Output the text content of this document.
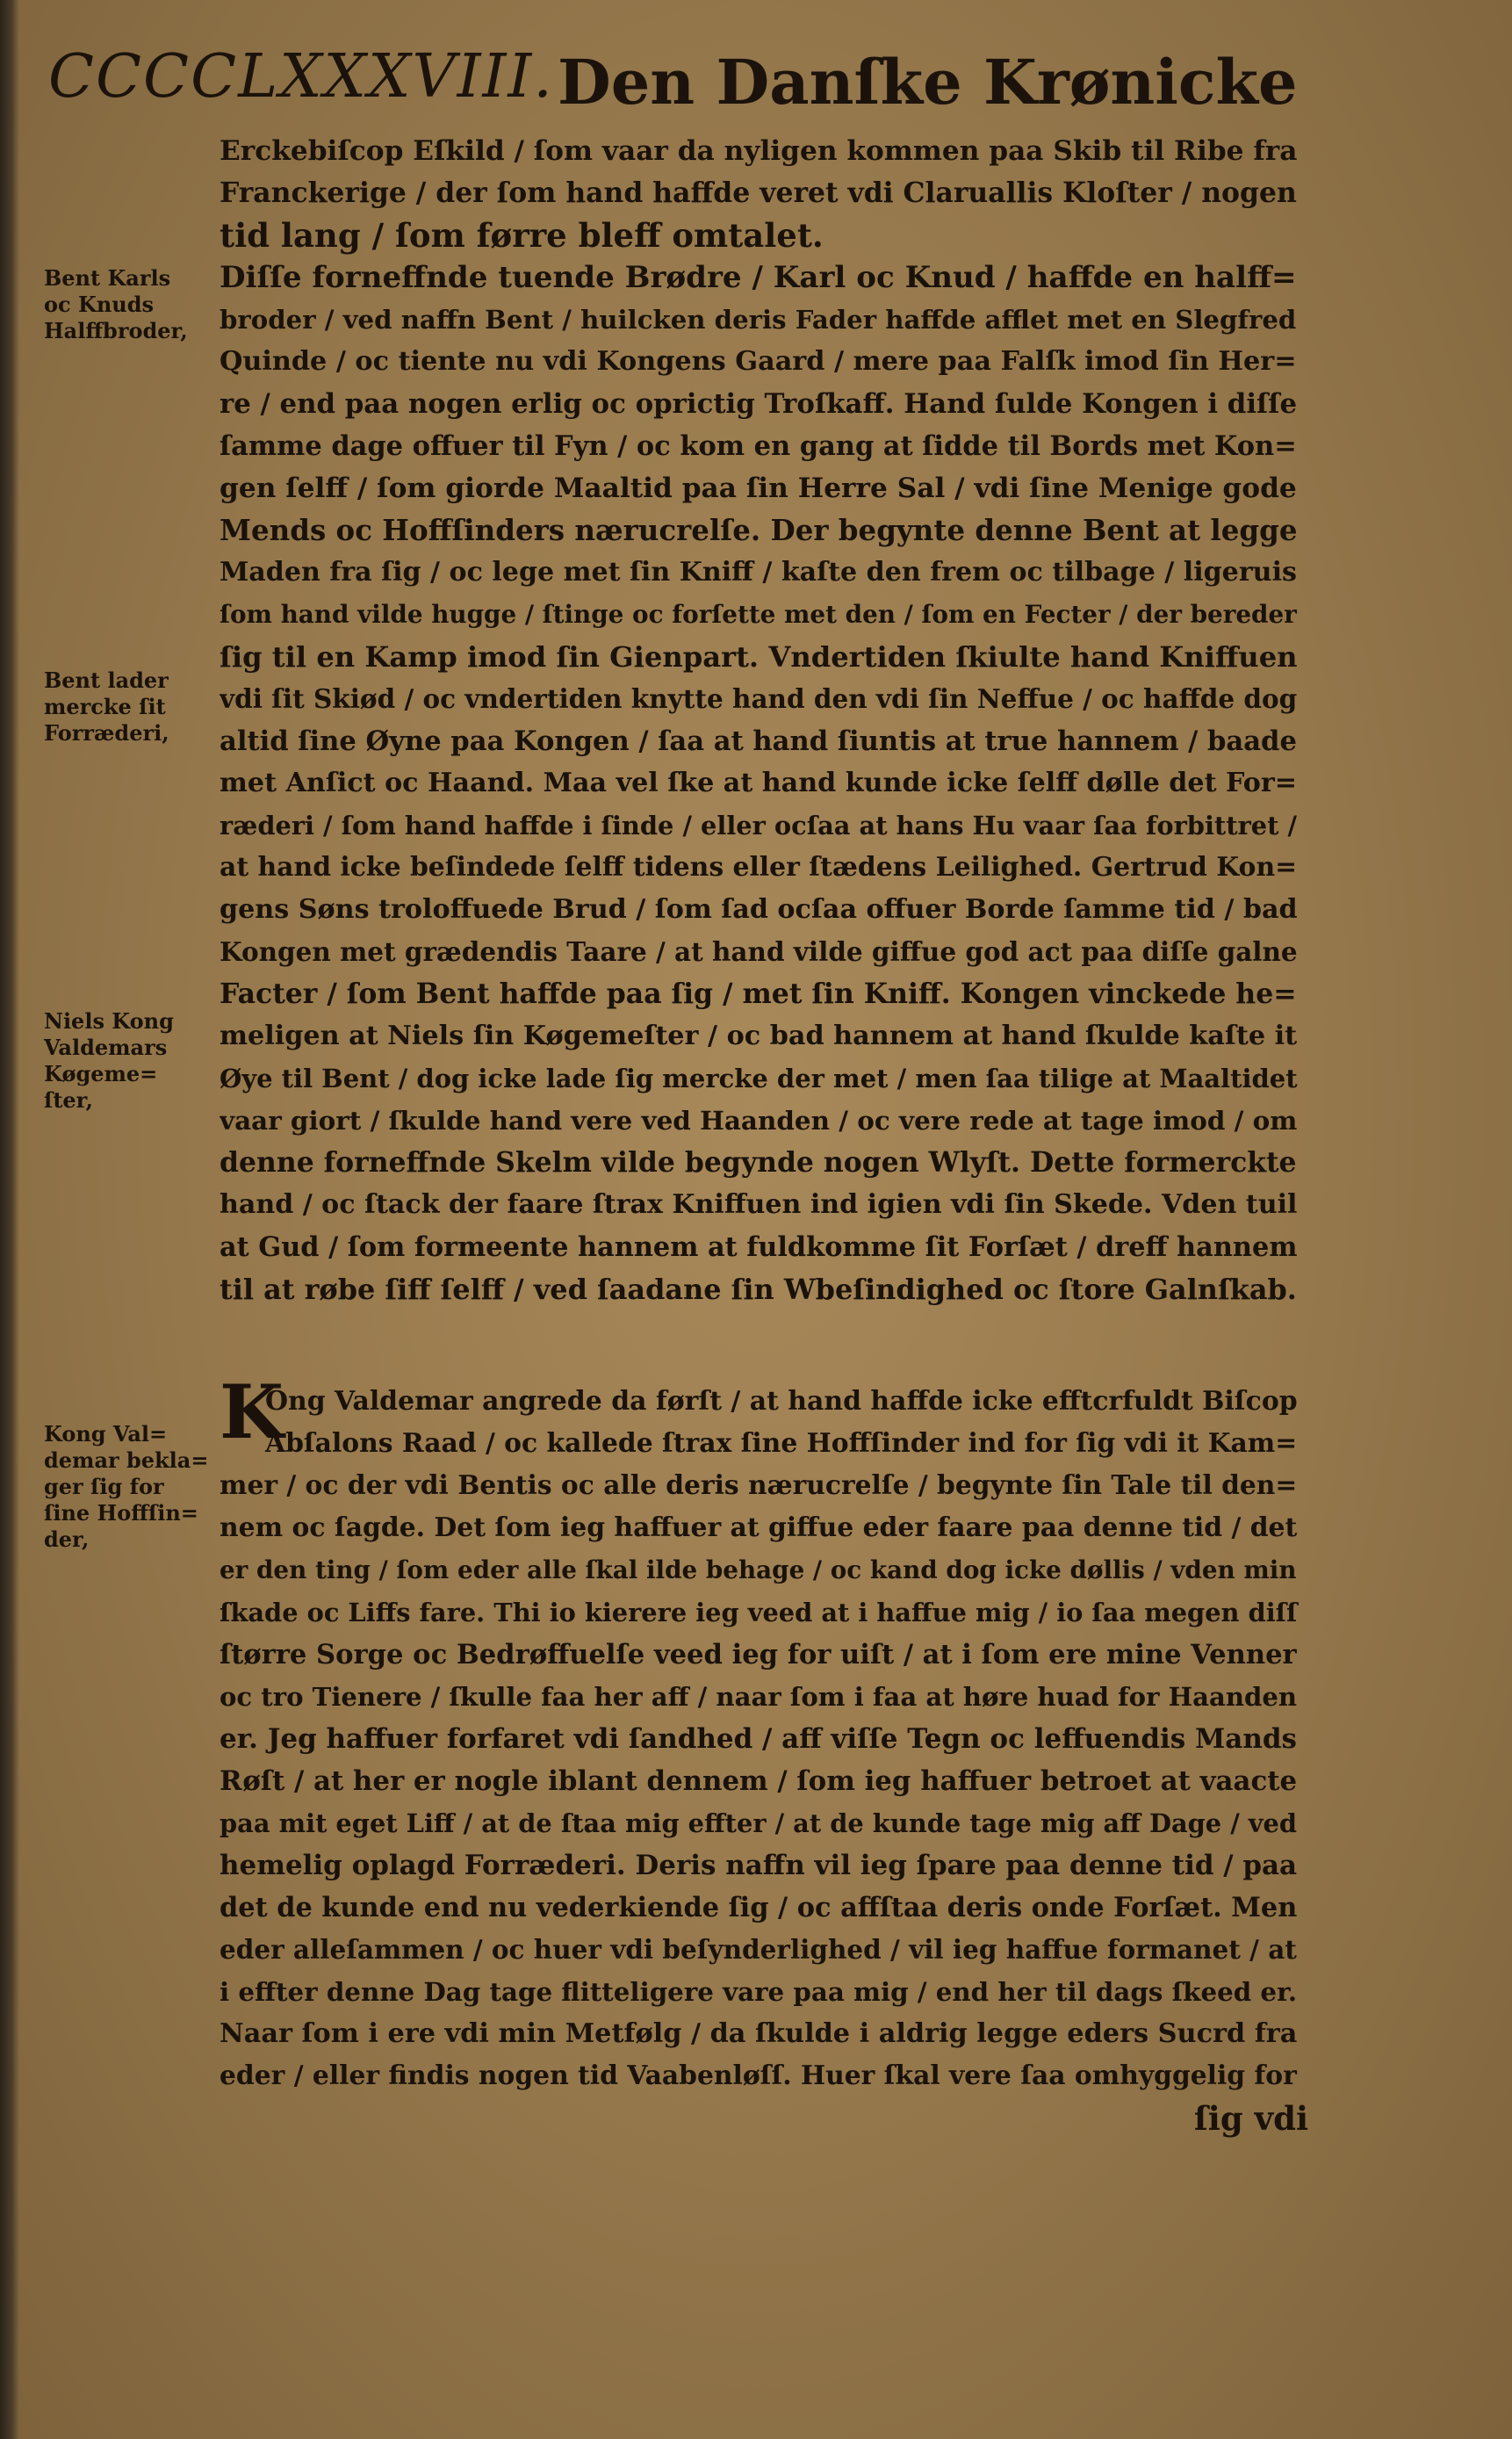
CCCCLXXXVIII. Den Danſke Krønicke
Bent Karls
oc Knuds
Halffbroder,
Bent lader
mercke ſit
Forræderi,
Niels Kong
Valdemars
Køgeme=
ſter,
Kong Val=
demar bekla=
ger ſig for
ſine Hoffſin=
der,
Erckebiſcop Eſkild / ſom vaar da nyligen kommen paa Skib til Ribe fra
Franckerige / der ſom hand haffde veret vdi Claruallis Kloſter / nogen
tid lang / ſom førre bleff omtalet.
Diſſe forneffnde tuende Brødre / Karl oc Knud / haffde en halff=
broder / ved naffn Bent / huilcken deris Fader haffde afflet met en Slegfred
Quinde / oc tiente nu vdi Kongens Gaard / mere paa Falſk imod ſin Her=
re / end paa nogen erlig oc oprictig Troſkaff. Hand ſulde Kongen i diſſe
ſamme dage offuer til Fyn / oc kom en gang at ſidde til Bords met Kon=
gen ſelff / ſom giorde Maaltid paa ſin Herre Sal / vdi ſine Menige gode
Mends oc Hoffſinders nærucrelſe. Der begynte denne Bent at legge
Maden fra ſig / oc lege met ſin Kniff / kaſte den frem oc tilbage / ligeruis
ſom hand vilde hugge / ſtinge oc forſette met den / ſom en Fecter / der bereder
ſig til en Kamp imod ſin Gienpart. Vndertiden ſkiulte hand Kniffuen
vdi ſit Skiød / oc vndertiden knytte hand den vdi ſin Neffue / oc haffde dog
altid ſine Øyne paa Kongen / ſaa at hand ſiuntis at true hannem / baade
met Anſict oc Haand. Maa vel ſke at hand kunde icke ſelff dølle det For=
ræderi / ſom hand haffde i ſinde / eller ocſaa at hans Hu vaar ſaa forbittret /
at hand icke beſindede ſelff tidens eller ſtædens Leilighed. Gertrud Kon=
gens Søns troloffuede Brud / ſom ſad ocſaa offuer Borde ſamme tid / bad
Kongen met grædendis Taare / at hand vilde giffue god act paa diſſe galne
Facter / ſom Bent haffde paa ſig / met ſin Kniff. Kongen vinckede he=
meligen at Niels ſin Køgemeſter / oc bad hannem at hand ſkulde kaſte it
Øye til Bent / dog icke lade ſig mercke der met / men ſaa tilige at Maaltidet
vaar giort / ſkulde hand vere ved Haanden / oc vere rede at tage imod / om
denne forneffnde Skelm vilde begynde nogen Wlyſt. Dette formerckte
hand / oc ſtack der faare ſtrax Kniffuen ind igien vdi ſin Skede. Vden tuil
at Gud / ſom formeente hannem at fuldkomme ſit Forſæt / dreff hannem
til at røbe ſiff ſelff / ved ſaadane ſin Wbeſindighed oc ſtore Galnſkab.
K
Ong Valdemar angrede da førſt / at hand haffde icke efftcrfuldt Biſcop
Abſalons Raad / oc kallede ſtrax ſine Hoffſinder ind for ſig vdi it Kam=
mer / oc der vdi Bentis oc alle deris nærucrelſe / begynte ſin Tale til den=
nem oc ſagde. Det ſom ieg haffuer at giffue eder faare paa denne tid / det
er den ting / ſom eder alle ſkal ilde behage / oc kand dog icke døllis / vden min
ſkade oc Liffs fare. Thi io kierere ieg veed at i haffue mig / io ſaa megen diſſ
ſtørre Sorge oc Bedrøffuelſe veed ieg for uiſt / at i ſom ere mine Venner
oc tro Tienere / ſkulle faa her aff / naar ſom i faa at høre huad for Haanden
er. Jeg haffuer forfaret vdi ſandhed / aff viſſe Tegn oc leffuendis Mands
Røſt / at her er nogle iblant dennem / ſom ieg haffuer betroet at vaacte
paa mit eget Liff / at de ſtaa mig effter / at de kunde tage mig aff Dage / ved
hemelig oplagd Forræderi. Deris naffn vil ieg ſpare paa denne tid / paa
det de kunde end nu vederkiende ſig / oc affſtaa deris onde Forſæt. Men
eder alleſammen / oc huer vdi beſynderlighed / vil ieg haffue formanet / at
i effter denne Dag tage flitteligere vare paa mig / end her til dags ſkeed er.
Naar ſom i ere vdi min Metfølg / da ſkulde i aldrig legge eders Sucrd fra
eder / eller findis nogen tid Vaabenløſſ. Huer ſkal vere ſaa omhyggelig for
ſig vdi
